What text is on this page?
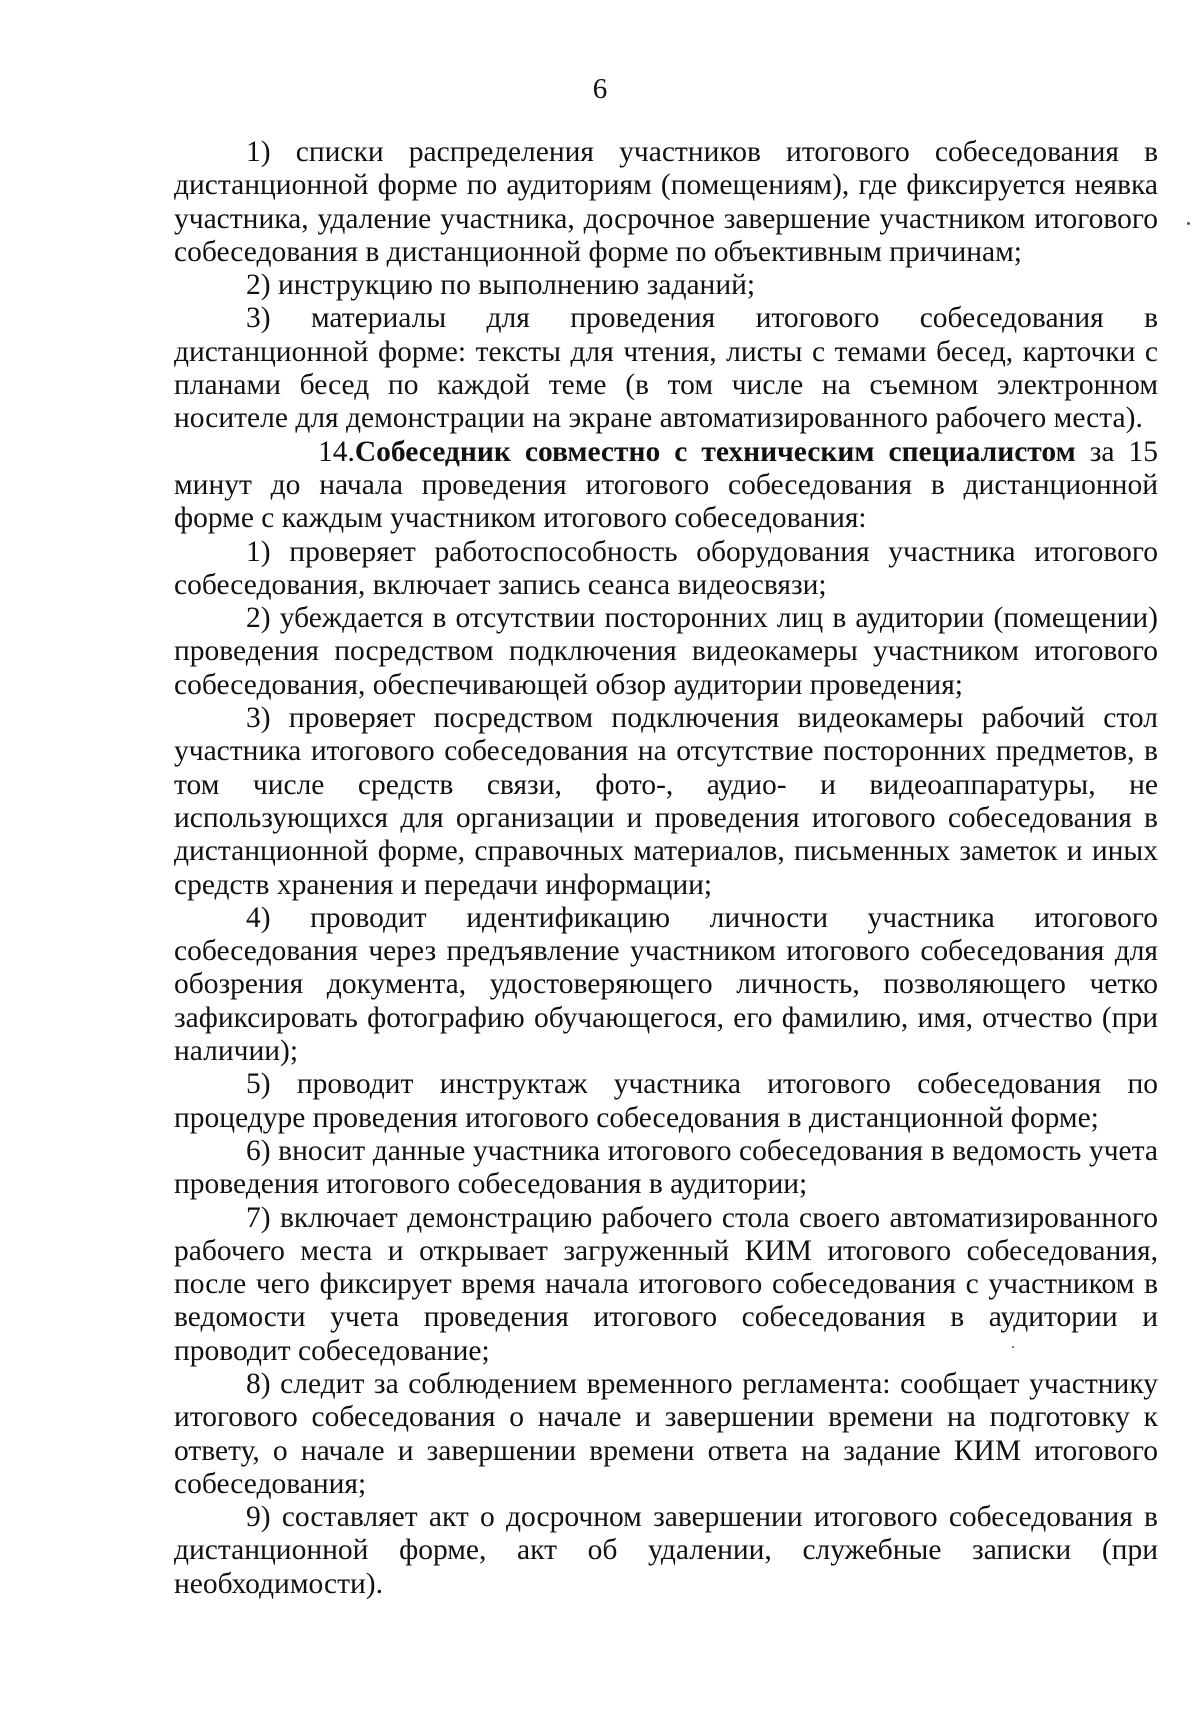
6

1) списки распределения участников итогового собеседования в дистанционной форме по аудиториям (помещениям), где фиксируется неявка участника, удаление участника, досрочное завершение участником итогового собеседования в дистанционной форме по объективным причинам;

2) инструкцию по выполнению заданий;

3) материалы для проведения итогового собеседования в дистанционной форме: тексты для чтения, листы с темами бесед, карточки с планами бесед по каждой теме (в том числе на съемном электронном носителе для демонстрации на экране автоматизированного рабочего места).

14.Собеседник совместно с техническим специалистом за 15 минут до начала проведения итогового собеседования в дистанционной форме с каждым участником итогового собеседования:

1) проверяет работоспособность оборудования участника итогового собеседования, включает запись сеанса видеосвязи;

2) убеждается в отсутствии посторонних лиц в аудитории (помещении) проведения посредством подключения видеокамеры участником итогового собеседования, обеспечивающей обзор аудитории проведения;

3) проверяет посредством подключения видеокамеры рабочий стол участника итогового собеседования на отсутствие посторонних предметов, в том числе средств связи, фото-, аудио- и видеоаппаратуры, не использующихся для организации и проведения итогового собеседования в дистанционной форме, справочных материалов, письменных заметок и иных средств хранения и передачи информации;

4) проводит идентификацию личности участника итогового собеседования через предъявление участником итогового собеседования для обозрения документа, удостоверяющего личность, позволяющего четко зафиксировать фотографию обучающегося, его фамилию, имя, отчество (при наличии);

5) проводит инструктаж участника итогового собеседования по процедуре проведения итогового собеседования в дистанционной форме;

6) вносит данные участника итогового собеседования в ведомость учета проведения итогового собеседования в аудитории;

7) включает демонстрацию рабочего стола своего автоматизированного рабочего места и открывает загруженный КИМ итогового собеседования, после чего фиксирует время начала итогового собеседования с участником в ведомости учета проведения итогового собеседования в аудитории и проводит собеседование;

8) следит за соблюдением временного регламента: сообщает участнику итогового собеседования о начале и завершении времени на подготовку к ответу, о начале и завершении времени ответа на задание КИМ итогового собеседования;

9) составляет акт о досрочном завершении итогового собеседования в дистанционной форме, акт об удалении, служебные записки (при необходимости).
